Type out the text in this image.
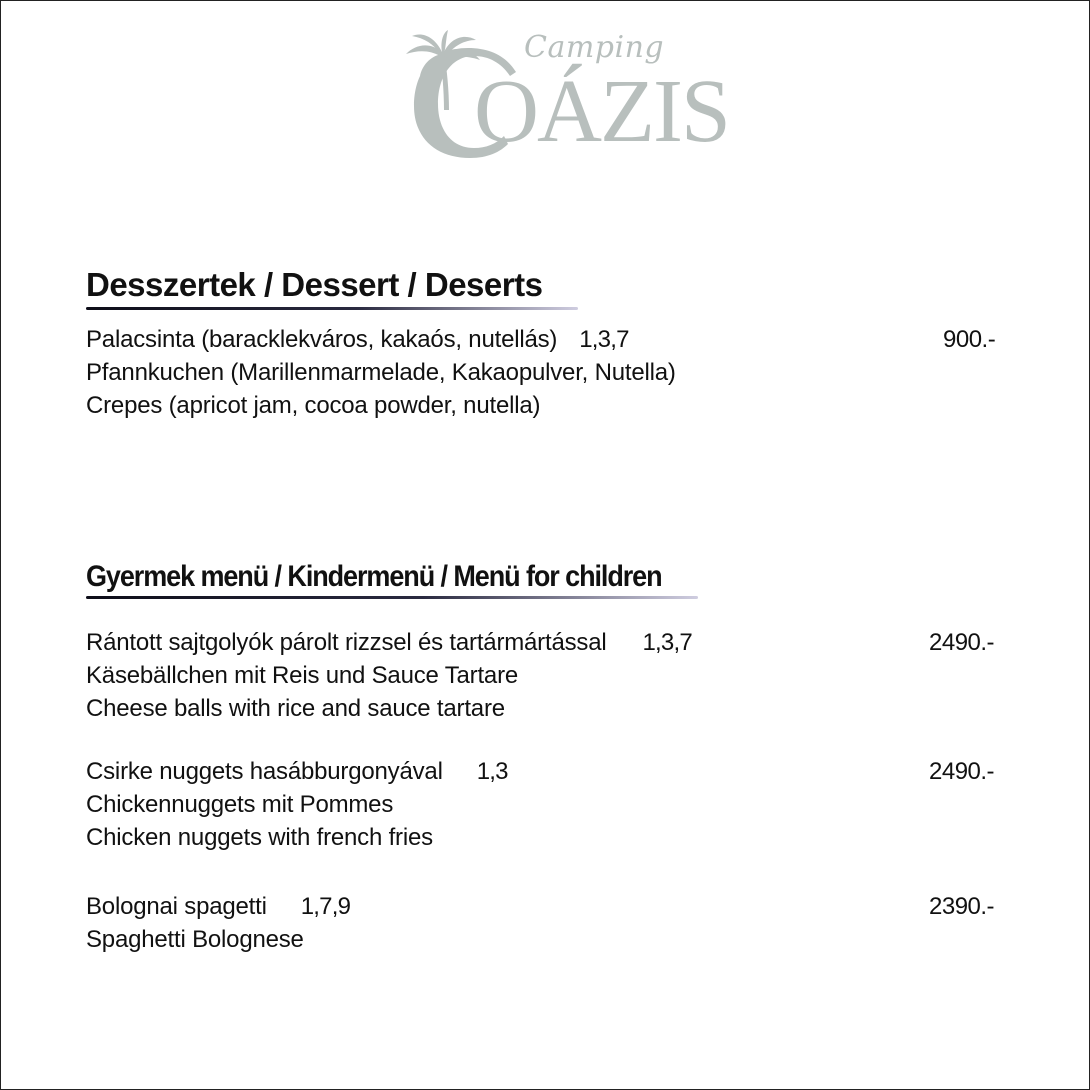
Camping
OÁZIS
Desszertek / Dessert / Deserts
Palacsinta (baracklekváros, kakaós, nutellás) 1,3,7	900.-
Pfannkuchen (Marillenmarmelade, Kakaopulver, Nutella)
Crepes (apricot jam, cocoa powder, nutella)
Gyermek menü / Kindermenü / Menü for children
Rántott sajtgolyók párolt rizzsel és tartármártással 1,3,7	2490.-
Käsebällchen mit Reis und Sauce Tartare
Cheese balls with rice and sauce tartare
Csirke nuggets hasábburgonyával 1,3	2490.-
Chickennuggets mit Pommes
Chicken nuggets with french fries
Bolognai spagetti 1,7,9	2390.-
Spaghetti Bolognese
